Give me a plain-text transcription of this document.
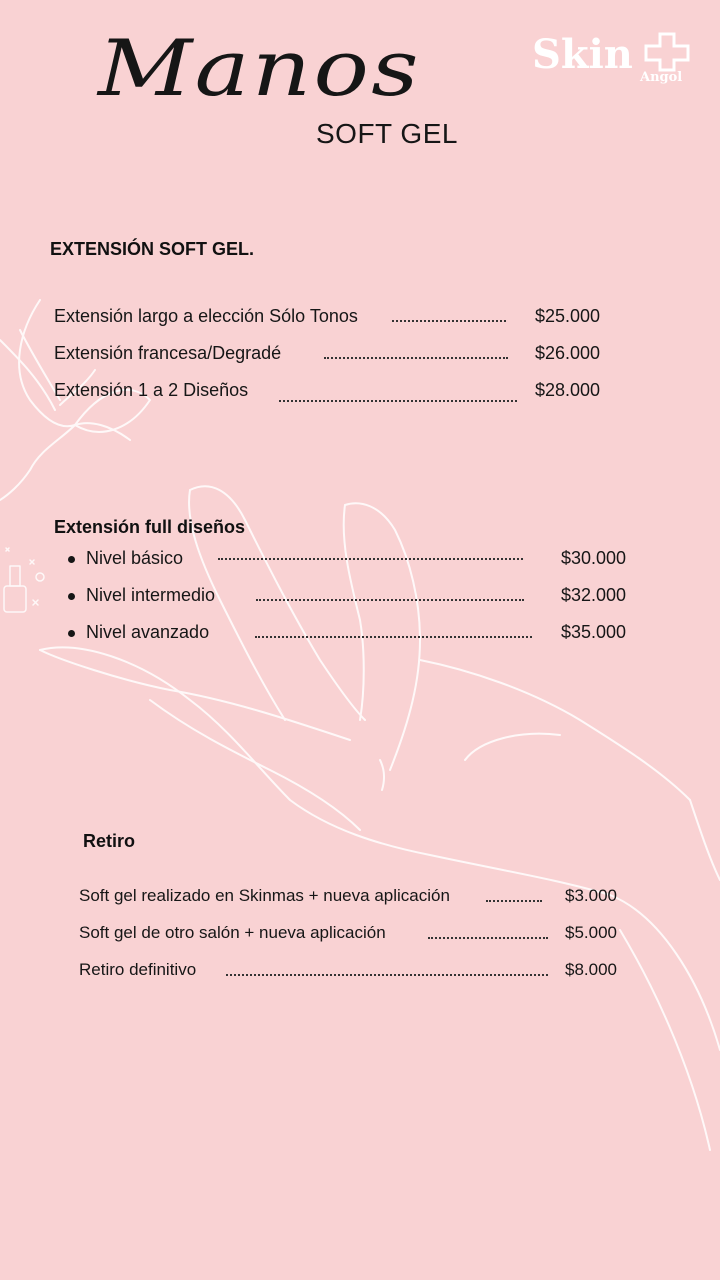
Manos
SOFT GEL
Skin Angol
EXTENSIÓN SOFT GEL.
Extensión largo a elección Sólo Tonos	$25.000
Extensión francesa/Degradé	$26.000
Extensión 1 a 2 Diseños	$28.000
Extensión full diseños
Nivel básico	$30.000
Nivel intermedio	$32.000
Nivel avanzado	$35.000
Retiro
Soft gel realizado en Skinmas + nueva aplicación	$3.000
Soft gel de otro salón + nueva aplicación	$5.000
Retiro definitivo	$8.000
